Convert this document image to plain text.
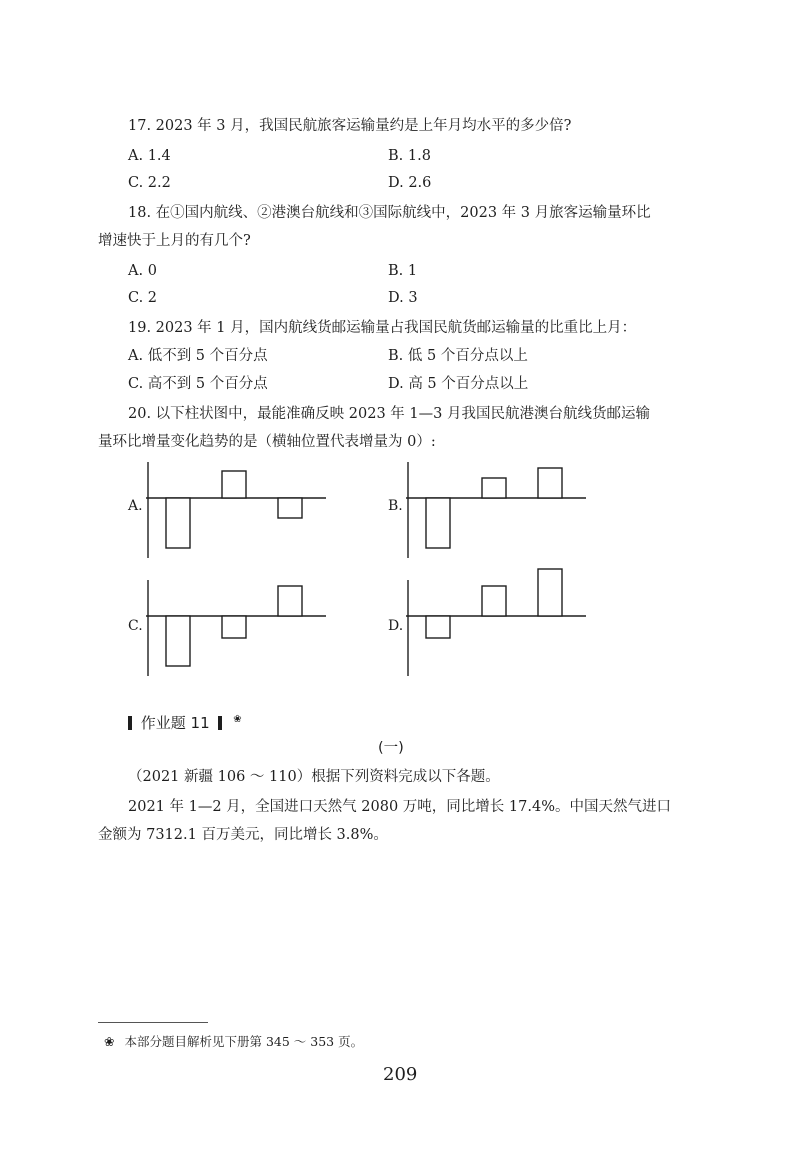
17. 2023 年 3 月，我国民航旅客运输量约是上年月均水平的多少倍?
A. 1.4	B. 1.8
C. 2.2	D. 2.6
18. 在①国内航线、②港澳台航线和③国际航线中，2023 年 3 月旅客运输量环比
增速快于上月的有几个?
A. 0	B. 1
C. 2	D. 3
19. 2023 年 1 月，国内航线货邮运输量占我国民航货邮运输量的比重比上月：
A. 低不到 5 个百分点	B. 低 5 个百分点以上
C. 高不到 5 个百分点	D. 高 5 个百分点以上
20. 以下柱状图中，最能准确反映 2023 年 1—3 月我国民航港澳台航线货邮运输
量环比增量变化趋势的是（横轴位置代表增量为 0）:
A.	B.
C.	D.
作业题 11 ❀
(一)
（2021 新疆 106 ～ 110）根据下列资料完成以下各题。
2021 年 1—2 月，全国进口天然气 2080 万吨，同比增长 17.4%。中国天然气进口
金额为 7312.1 百万美元，同比增长 3.8%。
❀ 本部分题目解析见下册第 345 ～ 353 页。
209
